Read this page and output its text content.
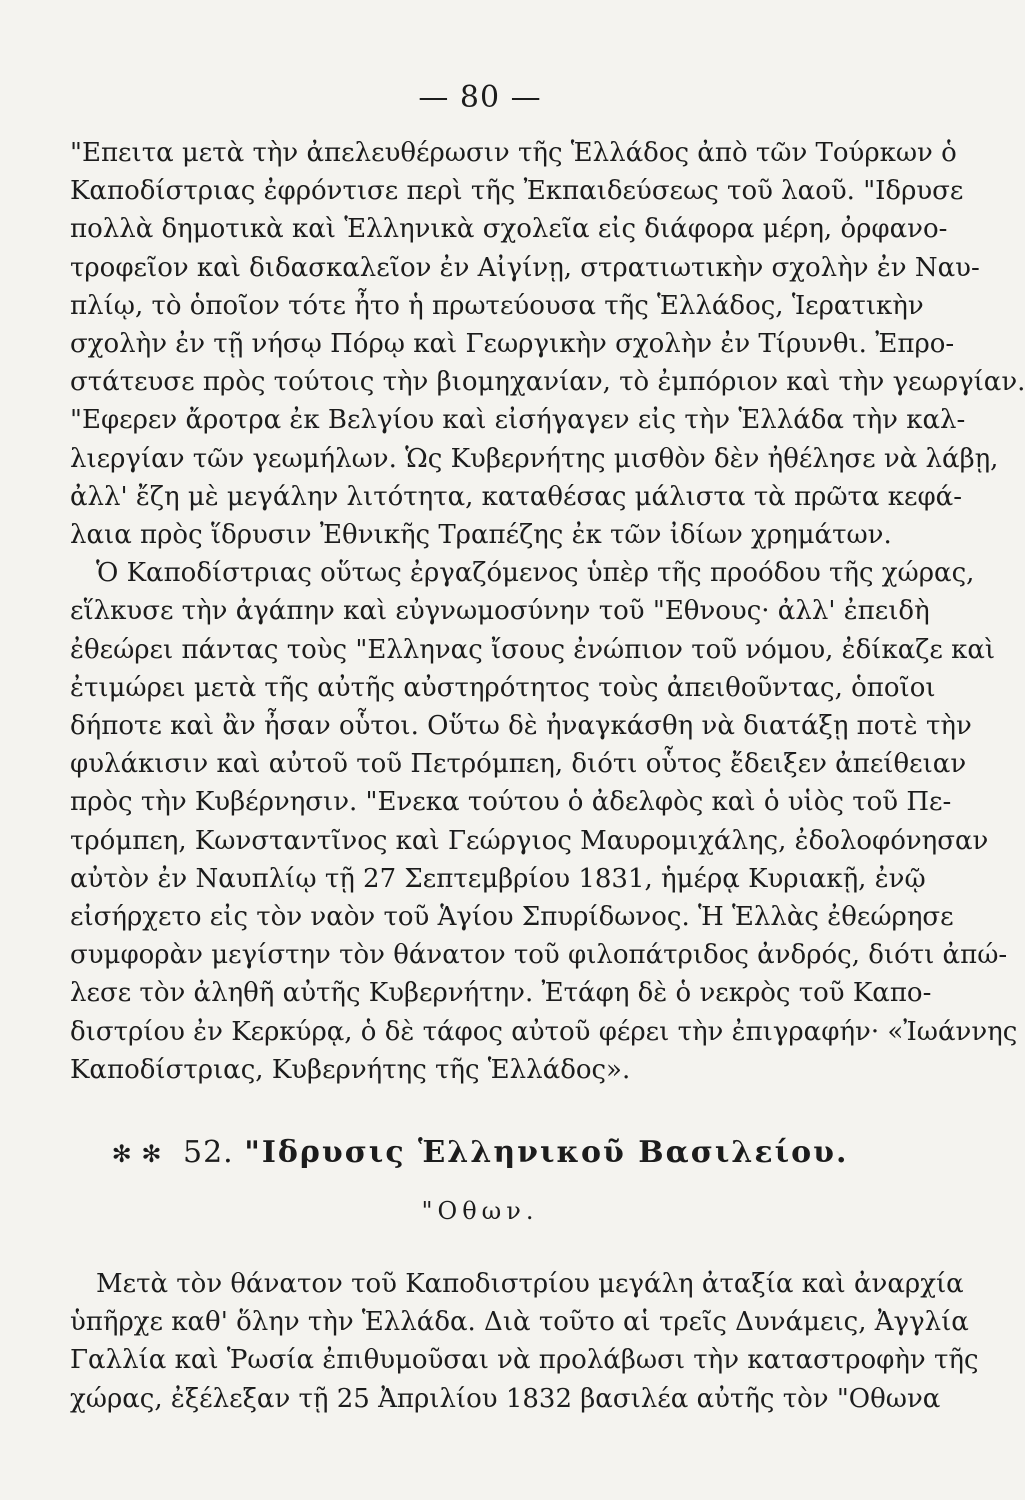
— 80 —

"Επειτα μετὰ τὴν ἀπελευθέρωσιν τῆς Ἑλλάδος ἀπὸ τῶν Τούρκων ὁ
Καποδίστριας ἐφρόντισε περὶ τῆς Ἐκπαιδεύσεως τοῦ λαοῦ. "Ιδρυσε
πολλὰ δημοτικὰ καὶ Ἑλληνικὰ σχολεῖα εἰς διάφορα μέρη, ὀρφανο-
τροφεῖον καὶ διδασκαλεῖον ἐν Αἰγίνῃ, στρατιωτικὴν σχολὴν ἐν Ναυ-
πλίῳ, τὸ ὁποῖον τότε ἦτο ἡ πρωτεύουσα τῆς Ἑλλάδος, Ἱερατικὴν
σχολὴν ἐν τῇ νήσῳ Πόρῳ καὶ Γεωργικὴν σχολὴν ἐν Τίρυνθι. Ἐπρο-
στάτευσε πρὸς τούτοις τὴν βιομηχανίαν, τὸ ἐμπόριον καὶ τὴν γεωργίαν.
"Εφερεν ἄροτρα ἐκ Βελγίου καὶ εἰσήγαγεν εἰς τὴν Ἑλλάδα τὴν καλ-
λιεργίαν τῶν γεωμήλων. Ὡς Κυβερνήτης μισθὸν δὲν ἠθέλησε νὰ λάβῃ,
ἀλλ' ἔζη μὲ μεγάλην λιτότητα, καταθέσας μάλιστα τὰ πρῶτα κεφά-
λαια πρὸς ἵδρυσιν Ἐθνικῆς Τραπέζης ἐκ τῶν ἰδίων χρημάτων.

Ὁ Καποδίστριας οὕτως ἐργαζόμενος ὑπὲρ τῆς προόδου τῆς χώρας,
εἵλκυσε τὴν ἀγάπην καὶ εὐγνωμοσύνην τοῦ "Εθνους· ἀλλ' ἐπειδὴ
ἐθεώρει πάντας τοὺς "Ελληνας ἴσους ἐνώπιον τοῦ νόμου, ἐδίκαζε καὶ
ἐτιμώρει μετὰ τῆς αὐτῆς αὐστηρότητος τοὺς ἀπειθοῦντας, ὁποῖοι
δήποτε καὶ ἂν ἦσαν οὗτοι. Οὕτω δὲ ἠναγκάσθη νὰ διατάξῃ ποτὲ τὴν
φυλάκισιν καὶ αὐτοῦ τοῦ Πετρόμπεη, διότι οὗτος ἔδειξεν ἀπείθειαν
πρὸς τὴν Κυβέρνησιν. "Ενεκα τούτου ὁ ἀδελφὸς καὶ ὁ υἱὸς τοῦ Πε-
τρόμπεη, Κωνσταντῖνος καὶ Γεώργιος Μαυρομιχάλης, ἐδολοφόνησαν
αὐτὸν ἐν Ναυπλίῳ τῇ 27 Σεπτεμβρίου 1831, ἡμέρᾳ Κυριακῇ, ἐνῷ
εἰσήρχετο εἰς τὸν ναὸν τοῦ Ἁγίου Σπυρίδωνος. Ἡ Ἑλλὰς ἐθεώρησε
συμφορὰν μεγίστην τὸν θάνατον τοῦ φιλοπάτριδος ἀνδρός, διότι ἀπώ-
λεσε τὸν ἀληθῆ αὐτῆς Κυβερνήτην. Ἐτάφη δὲ ὁ νεκρὸς τοῦ Καπο-
διστρίου ἐν Κερκύρᾳ, ὁ δὲ τάφος αὐτοῦ φέρει τὴν ἐπιγραφήν· «Ἰωάννης
Καποδίστριας, Κυβερνήτης τῆς Ἑλλάδος».

✻ ✻ 52. "Ιδρυσις Ἑλληνικοῦ Βασιλείου.
"Οθων.

Μετὰ τὸν θάνατον τοῦ Καποδιστρίου μεγάλη ἀταξία καὶ ἀναρχία
ὑπῆρχε καθ' ὅλην τὴν Ἑλλάδα. Διὰ τοῦτο αἱ τρεῖς Δυνάμεις, Ἀγγλία
Γαλλία καὶ Ῥωσία ἐπιθυμοῦσαι νὰ προλάβωσι τὴν καταστροφὴν τῆς
χώρας, ἐξέλεξαν τῇ 25 Ἀπριλίου 1832 βασιλέα αὐτῆς τὸν "Οθωνα
